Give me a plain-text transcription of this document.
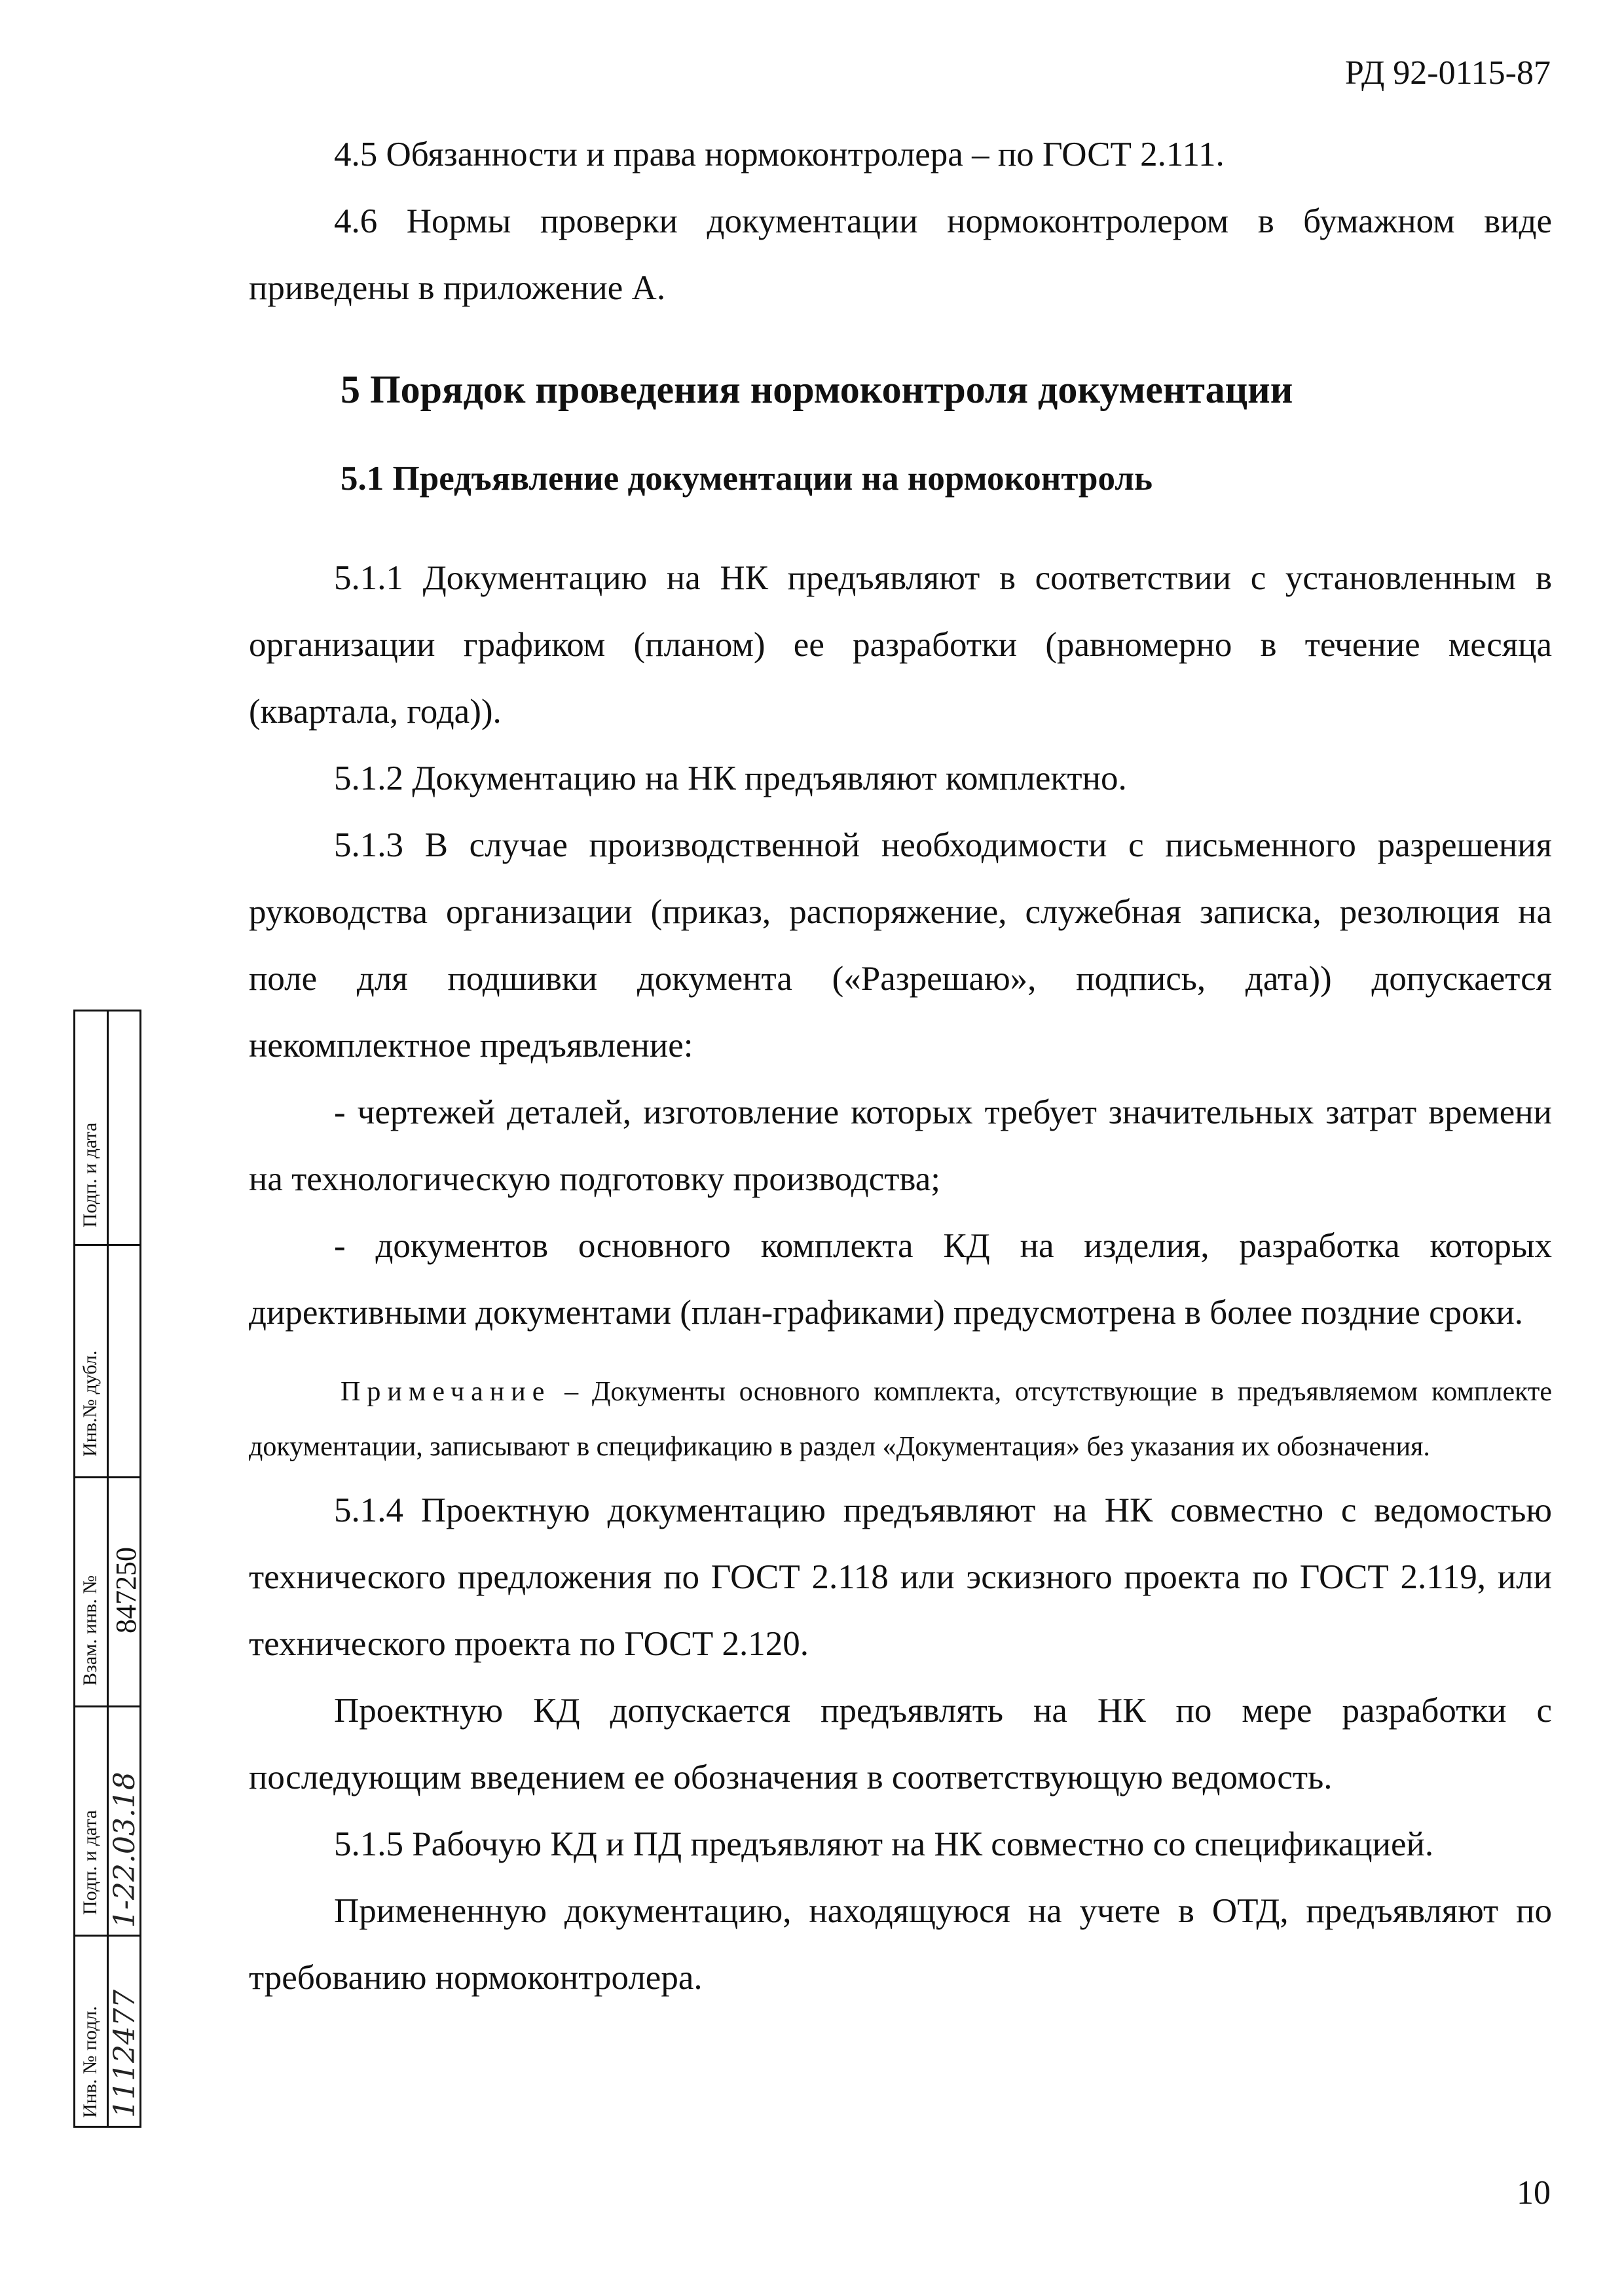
РД 92-0115-87

4.5 Обязанности и права нормоконтролера – по ГОСТ 2.111.

4.6 Нормы проверки документации нормоконтролером в бумажном виде приведены в приложение А.

5 Порядок проведения нормоконтроля документации

5.1 Предъявление документации на нормоконтроль

5.1.1 Документацию на НК предъявляют в соответствии с установленным в организации графиком (планом) ее разработки (равномерно в течение месяца (квартала, года)).

5.1.2 Документацию на НК предъявляют комплектно.

5.1.3 В случае производственной необходимости с письменного разрешения руководства организации (приказ, распоряжение, служебная записка, резолюция на поле для подшивки документа («Разрешаю», подпись, дата)) допускается некомплектное предъявление:

- чертежей деталей, изготовление которых требует значительных затрат времени на технологическую подготовку производства;

- документов основного комплекта КД на изделия, разработка которых директивными документами (план-графиками) предусмотрена в более поздние сроки.

Примечание – Документы основного комплекта, отсутствующие в предъявляемом комплекте документации, записывают в спецификацию в раздел «Документация» без указания их обозначения.

5.1.4 Проектную документацию предъявляют на НК совместно с ведомостью технического предложения по ГОСТ 2.118 или эскизного проекта по ГОСТ 2.119, или технического проекта по ГОСТ 2.120.

Проектную КД допускается предъявлять на НК по мере разработки с последующим введением ее обозначения в соответствующую ведомость.

5.1.5 Рабочую КД и ПД предъявляют на НК совместно со спецификацией.

Примененную документацию, находящуюся на учете в ОТД, предъявляют по требованию нормоконтролера.

Подп. и дата
Инв.№ дубл.
Взам. инв. № 847250
Подп. и дата 1-22.03.18
Инв. № подл. 1112477
10
